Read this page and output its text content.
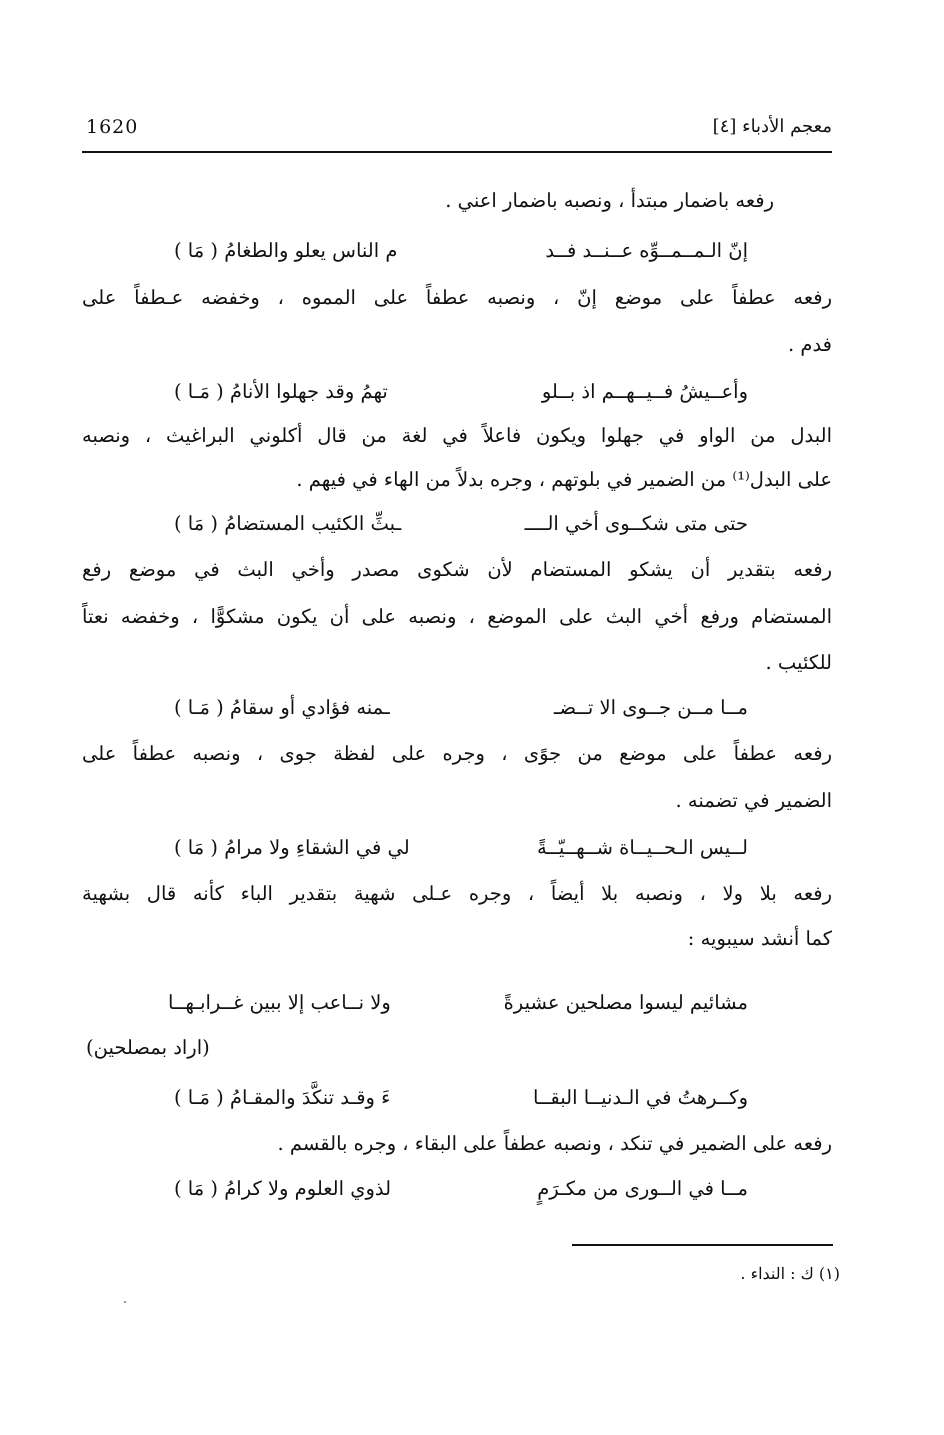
1620	معجم الأدباء [٤]
رفعه باضمار مبتدأ ، ونصبه باضمار اعني .
إنّ الـمــمــوِّه عــنــد فــد
م الناس يعلو والطغامُ ( مَا )
رفعه عطفاً على موضع إنّ ، ونصبه عطفاً على المموه ، وخفضه عـطفاً على
فدم .
وأعــيشُ فــيــهــم اذ بــلو
تهمُ وقد جهلوا الأنامُ ( مَـا )
البدل من الواو في جهلوا ويكون فاعلاً في لغة من قال أكلوني البراغيث ، ونصبه
على البدل⁽¹⁾ من الضمير في بلوتهم ، وجره بدلاً من الهاء في فيهم .
حتى متى شكــوى أخي الــــ
ـبثِّ الكئيب المستضامُ ( مَا )
رفعه بتقدير أن يشكو المستضام لأن شكوى مصدر وأخي البث في موضع رفع
المستضام ورفع أخي البث على الموضع ، ونصبه على أن يكون مشكوًّا ، وخفضه نعتاً
للكئيب .
مــا مــن جــوى الا تــضـ
ـمنه فؤادي أو سقامُ ( مَـا )
رفعه عطفاً على موضع من جوًى ، وجره على لفظة جوى ، ونصبه عطفاً على
الضمير في تضمنه .
لــيس الـحــيــاة شــهــيّــةً
لي في الشقاءِ ولا مرامُ ( مَا )
رفعه بلا ولا ، ونصبه بلا أيضاً ، وجره عـلى شهية بتقدير الباء كأنه قال بشهية
كما أنشد سيبويه :
مشائيم ليسوا مصلحين عشيرةً
ولا نــاعب إلا ببين غــرابـهــا
(اراد بمصلحين)
وكــرهتُ في الـدنيــا البقــا
ءَ وقـد تنكَّدَ والمقـامُ ( مَـا )
رفعه على الضمير في تنكد ، ونصبه عطفاً على البقاء ، وجره بالقسم .
مــا في الــورى من مكـرَمٍ
لذوي العلوم ولا كرامُ ( مَا )
(١) ك : النداء .
